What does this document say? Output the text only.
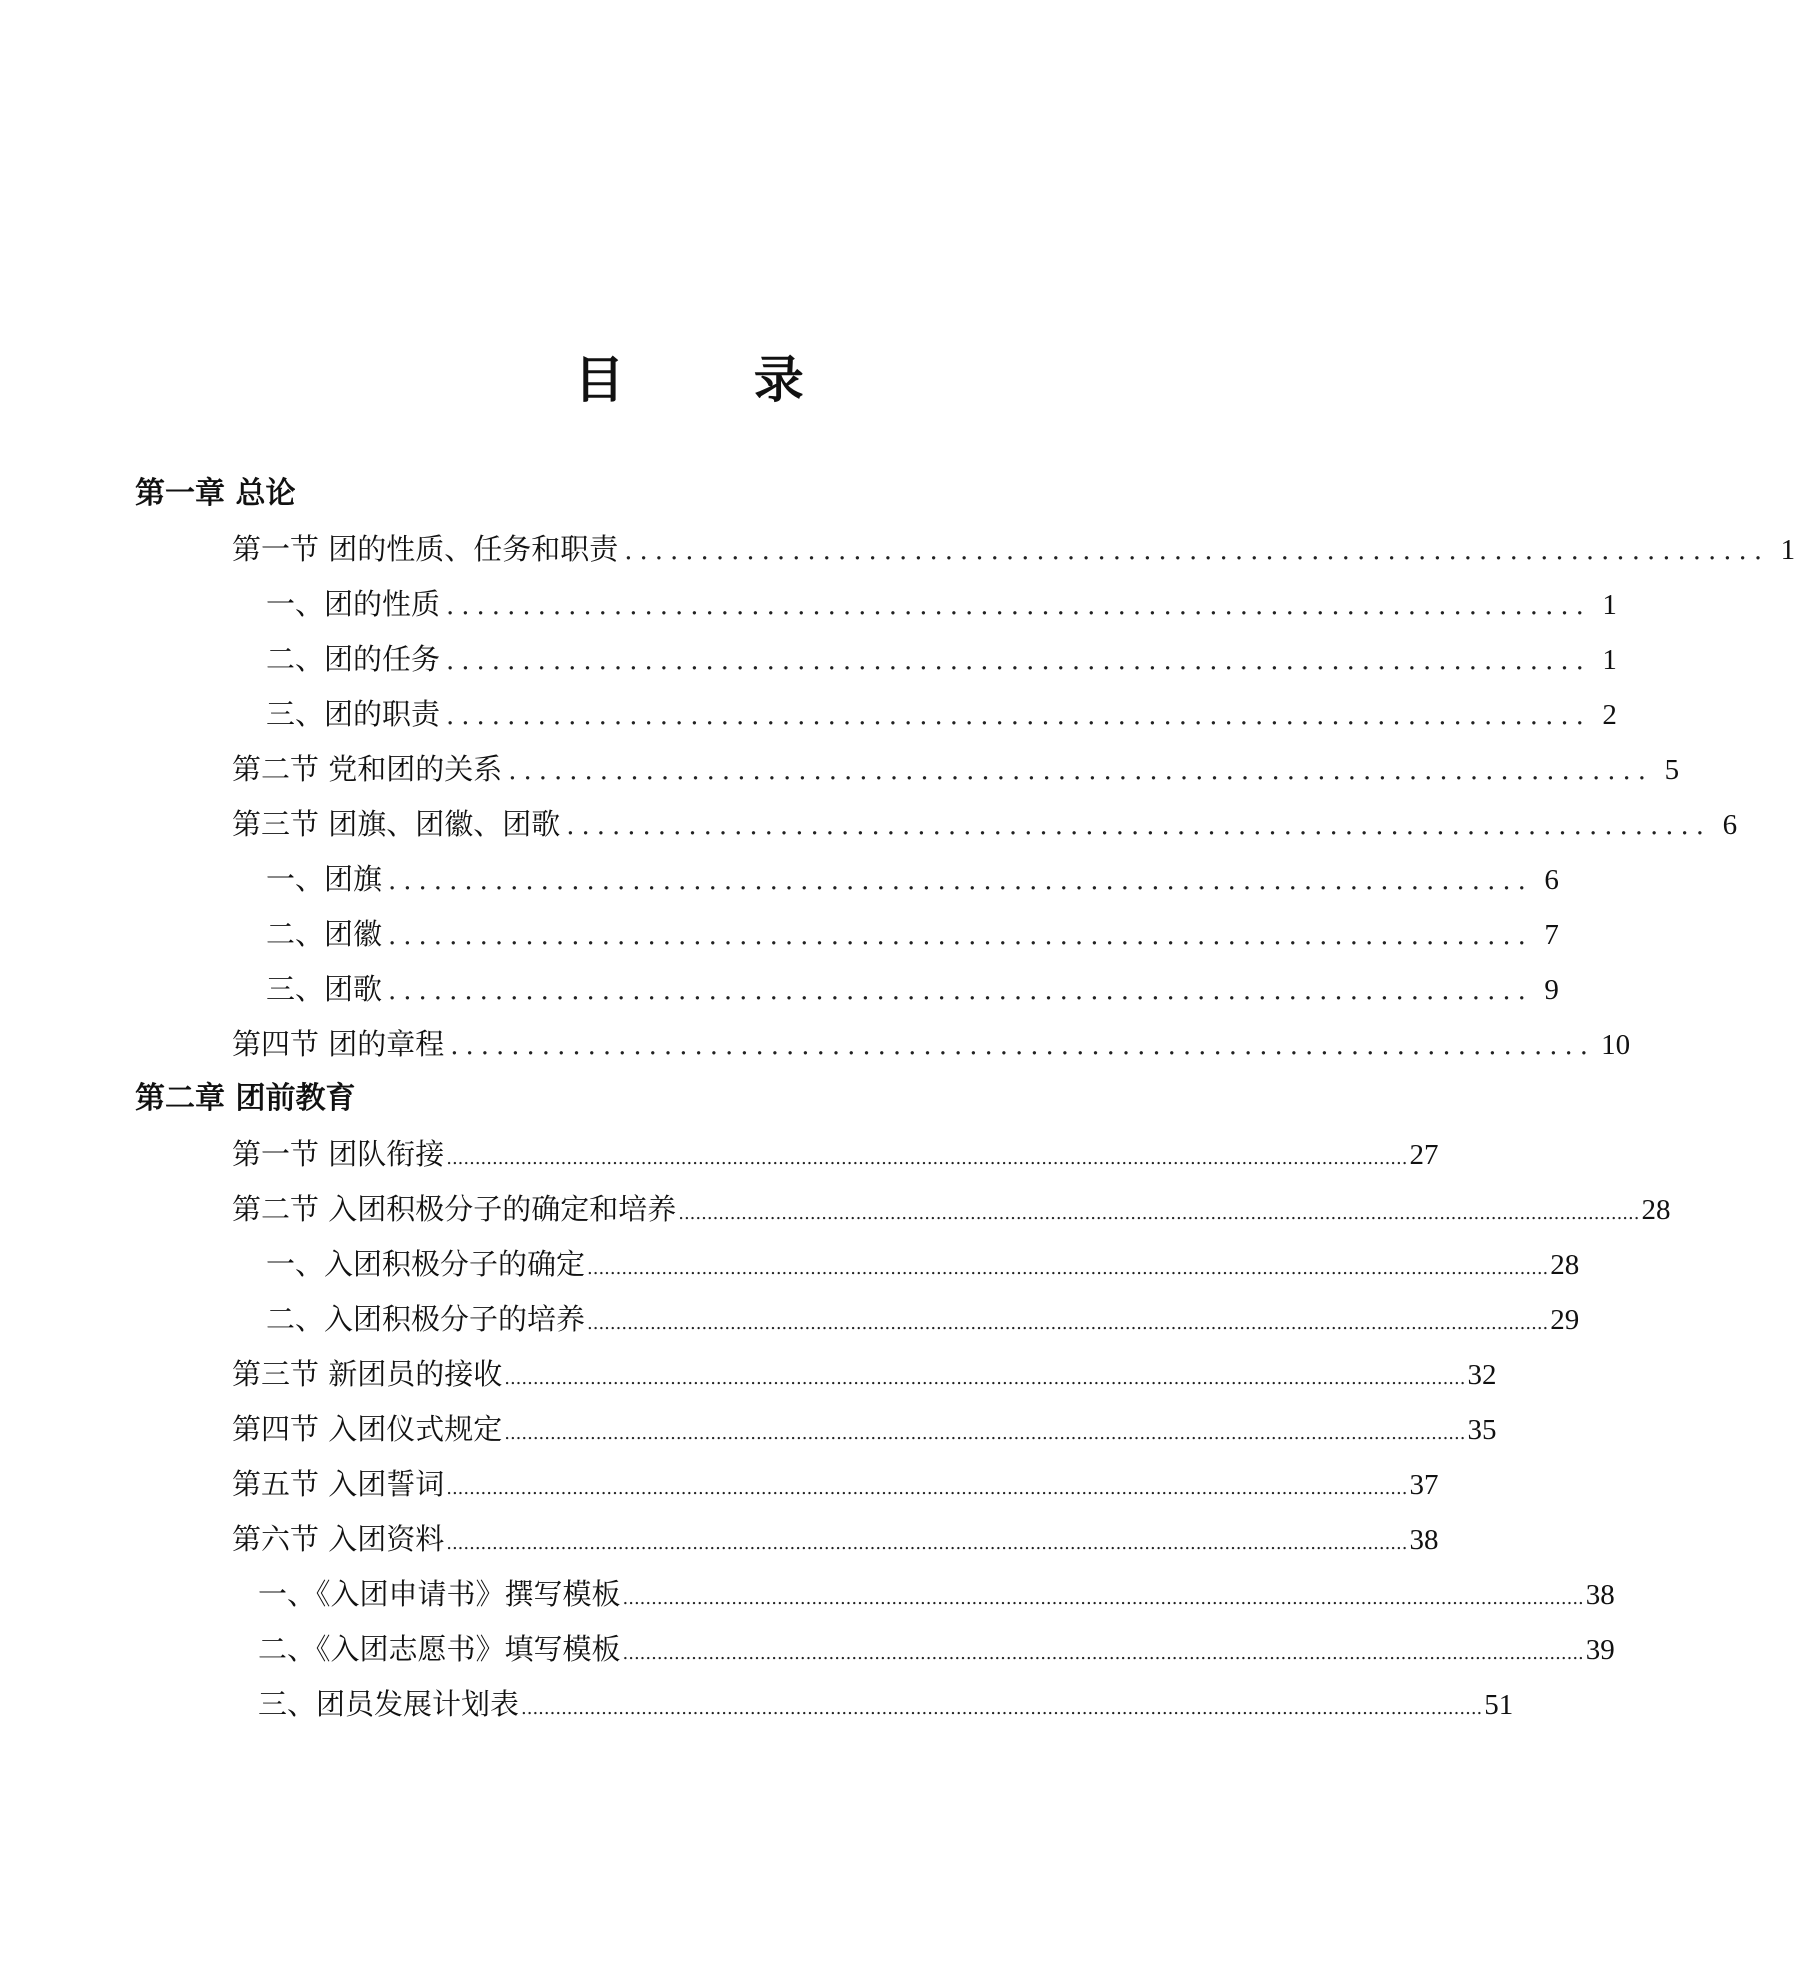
目 录
第一章 总论
第一节 团的性质、任务和职责 ........................................................................... 1
一、团的性质 ........................................................................... 1
二、团的任务 ........................................................................... 1
三、团的职责 ........................................................................... 2
第二节 党和团的关系 ........................................................................... 5
第三节 团旗、团徽、团歌 ........................................................................... 6
一、团旗 ........................................................................... 6
二、团徽 ........................................................................... 7
三、团歌 ........................................................................... 9
第四节 团的章程 ........................................................................... 10
第二章 团前教育
第一节 团队衔接 ........................................................................................................................................................................ 27
第二节 入团积极分子的确定和培养 ........................................................................................................................................................................ 28
一、入团积极分子的确定 ........................................................................................................................................................................ 28
二、入团积极分子的培养 ........................................................................................................................................................................ 29
第三节 新团员的接收 ........................................................................................................................................................................ 32
第四节 入团仪式规定 ........................................................................................................................................................................ 35
第五节 入团誓词 ........................................................................................................................................................................ 37
第六节 入团资料 ........................................................................................................................................................................ 38
一、《入团申请书》撰写模板 ........................................................................................................................................................................ 38
二、《入团志愿书》填写模板 ........................................................................................................................................................................ 39
三、团员发展计划表 ........................................................................................................................................................................ 51
